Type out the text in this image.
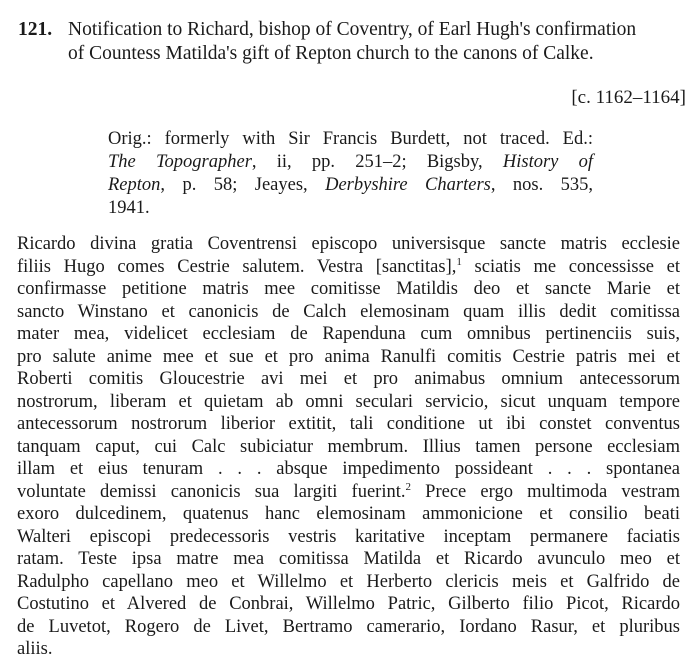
121. Notification to Richard, bishop of Coventry, of Earl Hugh's confirmation
of Countess Matilda's gift of Repton church to the canons of Calke.
[c. 1162–1164]
Orig.: formerly with Sir Francis Burdett, not traced. Ed.:
The Topographer, ii, pp. 251–2; Bigsby, History of
Repton, p. 58; Jeayes, Derbyshire Charters, nos. 535,
1941.
Ricardo divina gratia Coventrensi episcopo universisque sancte matris ecclesie
filiis Hugo comes Cestrie salutem. Vestra [sanctitas],$^1$ sciatis me concessisse et
confirmasse petitione matris mee comitisse Matildis deo et sancte Marie et
sancto Winstano et canonicis de Calch elemosinam quam illis dedit comitissa
mater mea, videlicet ecclesiam de Rapenduna cum omnibus pertinenciis suis,
pro salute anime mee et sue et pro anima Ranulfi comitis Cestrie patris mei et
Roberti comitis Gloucestrie avi mei et pro animabus omnium antecessorum
nostrorum, liberam et quietam ab omni seculari servicio, sicut unquam tempore
antecessorum nostrorum liberior extitit, tali conditione ut ibi constet conventus
tanquam caput, cui Calc subiciatur membrum. Illius tamen persone ecclesiam
illam et eius tenuram . . . absque impedimento possideant . . . spontanea
voluntate demissi canonicis sua largiti fuerint.$^2$ Prece ergo multimoda vestram
exoro dulcedinem, quatenus hanc elemosinam ammonicione et consilio beati
Walteri episcopi predecessoris vestris karitative inceptam permanere faciatis
ratam. Teste ipsa matre mea comitissa Matilda et Ricardo avunculo meo et
Radulpho capellano meo et Willelmo et Herberto clericis meis et Galfrido de
Costutino et Alvered de Conbrai, Willelmo Patric, Gilberto filio Picot, Ricardo
de Luvetot, Rogero de Livet, Bertramo camerario, Iordano Rasur, et pluribus
aliis.
